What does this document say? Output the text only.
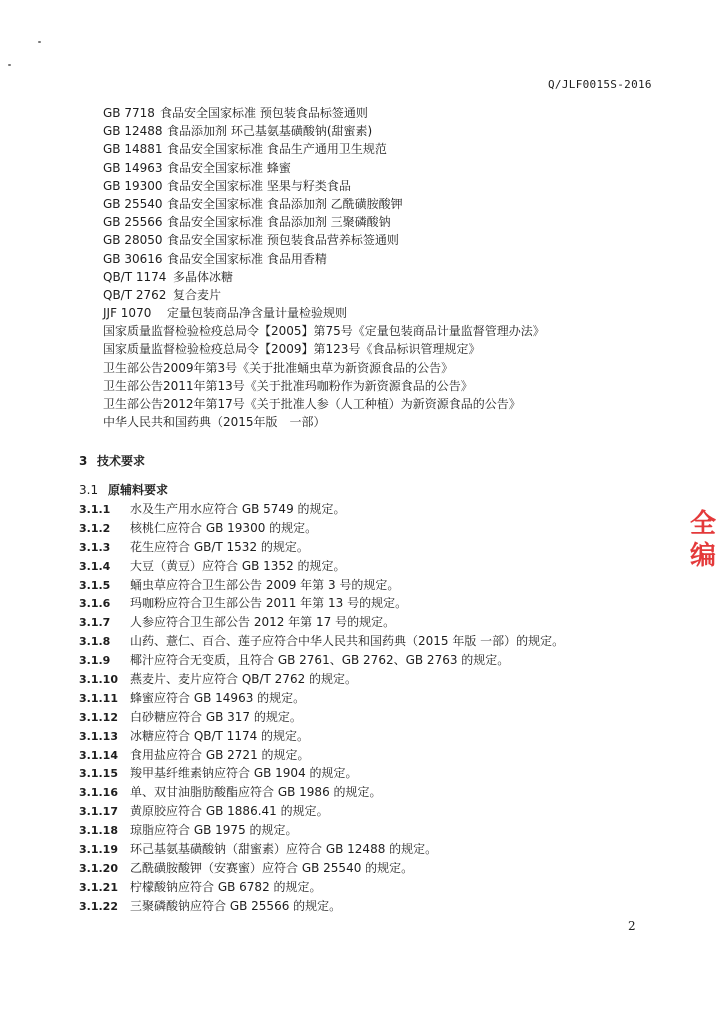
Q/JLF0015S-2016
GB 7718 食品安全国家标准 预包装食品标签通则
GB 12488 食品添加剂 环己基氨基磺酸钠(甜蜜素)
GB 14881 食品安全国家标准 食品生产通用卫生规范
GB 14963 食品安全国家标准 蜂蜜
GB 19300 食品安全国家标准 坚果与籽类食品
GB 25540 食品安全国家标准 食品添加剂 乙酰磺胺酸钾
GB 25566 食品安全国家标准 食品添加剂 三聚磷酸钠
GB 28050 食品安全国家标准 预包装食品营养标签通则
GB 30616 食品安全国家标准 食品用香精
QB/T 1174 多晶体冰糖
QB/T 2762 复合麦片
JJF 1070 定量包装商品净含量计量检验规则
国家质量监督检验检疫总局令【2005】第75号《定量包装商品计量监督管理办法》
国家质量监督检验检疫总局令【2009】第123号《食品标识管理规定》
卫生部公告2009年第3号《关于批准蛹虫草为新资源食品的公告》
卫生部公告2011年第13号《关于批准玛咖粉作为新资源食品的公告》
卫生部公告2012年第17号《关于批准人参（人工种植）为新资源食品的公告》
中华人民共和国药典（2015年版　一部）
3 技术要求
3.1 原辅料要求
3.1.1 水及生产用水应符合 GB 5749 的规定。
3.1.2 核桃仁应符合 GB 19300 的规定。
3.1.3 花生应符合 GB/T 1532 的规定。
3.1.4 大豆（黄豆）应符合 GB 1352 的规定。
3.1.5 蛹虫草应符合卫生部公告 2009 年第 3 号的规定。
3.1.6 玛咖粉应符合卫生部公告 2011 年第 13 号的规定。
3.1.7 人参应符合卫生部公告 2012 年第 17 号的规定。
3.1.8 山药、薏仁、百合、莲子应符合中华人民共和国药典（2015 年版 一部）的规定。
3.1.9 椰汁应符合无变质，且符合 GB 2761、GB 2762、GB 2763 的规定。
3.1.10 燕麦片、麦片应符合 QB/T 2762 的规定。
3.1.11 蜂蜜应符合 GB 14963 的规定。
3.1.12 白砂糖应符合 GB 317 的规定。
3.1.13 冰糖应符合 QB/T 1174 的规定。
3.1.14 食用盐应符合 GB 2721 的规定。
3.1.15 羧甲基纤维素钠应符合 GB 1904 的规定。
3.1.16 单、双甘油脂肪酸酯应符合 GB 1986 的规定。
3.1.17 黄原胶应符合 GB 1886.41 的规定。
3.1.18 琼脂应符合 GB 1975 的规定。
3.1.19 环己基氨基磺酸钠（甜蜜素）应符合 GB 12488 的规定。
3.1.20 乙酰磺胺酸钾（安赛蜜）应符合 GB 25540 的规定。
3.1.21 柠檬酸钠应符合 GB 6782 的规定。
3.1.22 三聚磷酸钠应符合 GB 25566 的规定。
全
编
2
